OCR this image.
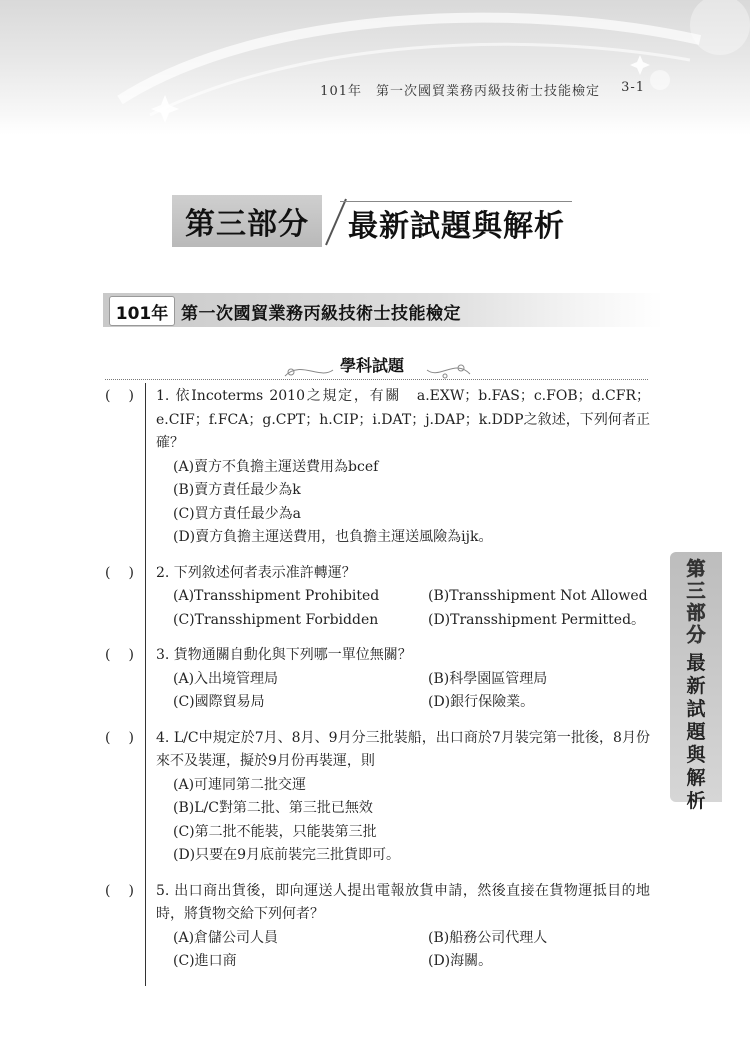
101年　第一次國貿業務丙級技術士技能檢定 3-1
第三部分	最新試題與解析
101年 第一次國貿業務丙級技術士技能檢定
學科試題
(　)	1. 依Incoterms 2010之規定，有關　a.EXW；b.FAS；c.FOB；d.CFR；e.CIF；f.FCA；g.CPT；h.CIP；i.DAT；j.DAP；k.DDP之敘述，下列何者正確？
(A)賣方不負擔主運送費用為bcef
(B)賣方責任最少為k
(C)買方責任最少為a
(D)賣方負擔主運送費用，也負擔主運送風險為ijk。
(　)	2. 下列敘述何者表示准許轉運？
(A)Transshipment Prohibited	(B)Transshipment Not Allowed
(C)Transshipment Forbidden	(D)Transshipment Permitted。
(　)	3. 貨物通關自動化與下列哪一單位無關？
(A)入出境管理局	(B)科學園區管理局
(C)國際貿易局	(D)銀行保險業。
(　)	4. L/C中規定於7月、8月、9月分三批裝船，出口商於7月裝完第一批後，8月份來不及裝運，擬於9月份再裝運，則
(A)可連同第二批交運
(B)L/C對第二批、第三批已無效
(C)第二批不能裝，只能裝第三批
(D)只要在9月底前裝完三批貨即可。
(　)	5. 出口商出貨後，即向運送人提出電報放貨申請，然後直接在貨物運抵目的地時，將貨物交給下列何者？
(A)倉儲公司人員	(B)船務公司代理人
(C)進口商	(D)海關。
第
三
部
分
最
新
試
題
與
解
析
